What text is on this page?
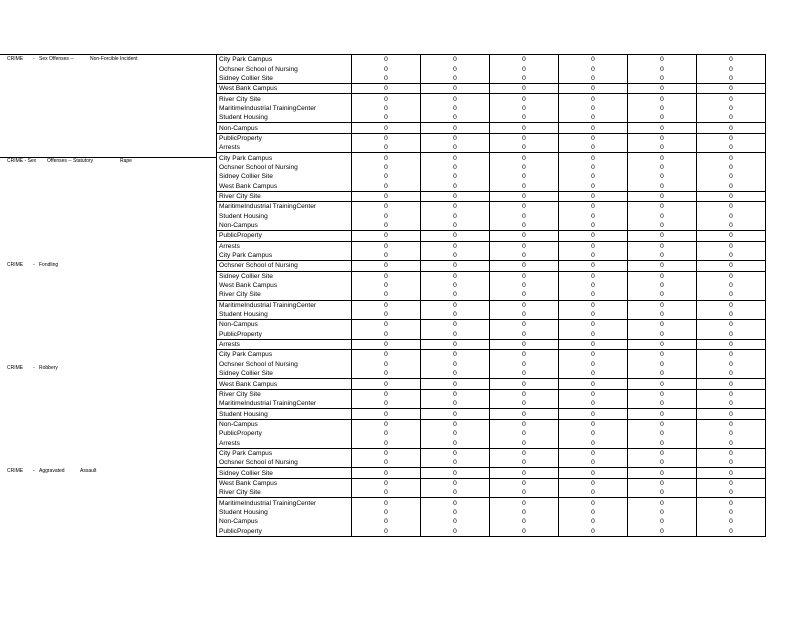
CRIME - Sex Offenses --	Non-Forcible Incident
CRIME - Sex Offenses -- Statutory	Rape
CRIME - Fondling
CRIME - Robbery
CRIME - Aggravated	Assault
City Park Campus	0	0	0	0	0	0
Ochsner School of Nursing	0	0	0	0	0	0
Sidney Collier Site	0	0	0	0	0	0
West Bank Campus	0	0	0	0	0	0
River City Site	0	0	0	0	0	0
MaritimeIndustrial TrainingCenter	0	0	0	0	0	0
Student Housing	0	0	0	0	0	0
Non-Campus	0	0	0	0	0	0
PublicProperty	0	0	0	0	0	0
Arrests	0	0	0	0	0	0
City Park Campus	0	0	0	0	0	0
Ochsner School of Nursing	0	0	0	0	0	0
Sidney Collier Site	0	0	0	0	0	0
West Bank Campus	0	0	0	0	0	0
River City Site	0	0	0	0	0	0
MaritimeIndustrial TrainingCenter	0	0	0	0	0	0
Student Housing	0	0	0	0	0	0
Non-Campus	0	0	0	0	0	0
PublicProperty	0	0	0	0	0	0
Arrests	0	0	0	0	0	0
City Park Campus	0	0	0	0	0	0
Ochsner School of Nursing	0	0	0	0	0	0
Sidney Collier Site	0	0	0	0	0	0
West Bank Campus	0	0	0	0	0	0
River City Site	0	0	0	0	0	0
MaritimeIndustrial TrainingCenter	0	0	0	0	0	0
Student Housing	0	0	0	0	0	0
Non-Campus	0	0	0	0	0	0
PublicProperty	0	0	0	0	0	0
Arrests	0	0	0	0	0	0
City Park Campus	0	0	0	0	0	0
Ochsner School of Nursing	0	0	0	0	0	0
Sidney Collier Site	0	0	0	0	0	0
West Bank Campus	0	0	0	0	0	0
River City Site	0	0	0	0	0	0
MaritimeIndustrial TrainingCenter	0	0	0	0	0	0
Student Housing	0	0	0	0	0	0
Non-Campus	0	0	0	0	0	0
PublicProperty	0	0	0	0	0	0
Arrests	0	0	0	0	0	0
City Park Campus	0	0	0	0	0	0
Ochsner School of Nursing	0	0	0	0	0	0
Sidney Collier Site	0	0	0	0	0	0
West Bank Campus	0	0	0	0	0	0
River City Site	0	0	0	0	0	0
MaritimeIndustrial TrainingCenter	0	0	0	0	0	0
Student Housing	0	0	0	0	0	0
Non-Campus	0	0	0	0	0	0
PublicProperty	0	0	0	0	0	0
